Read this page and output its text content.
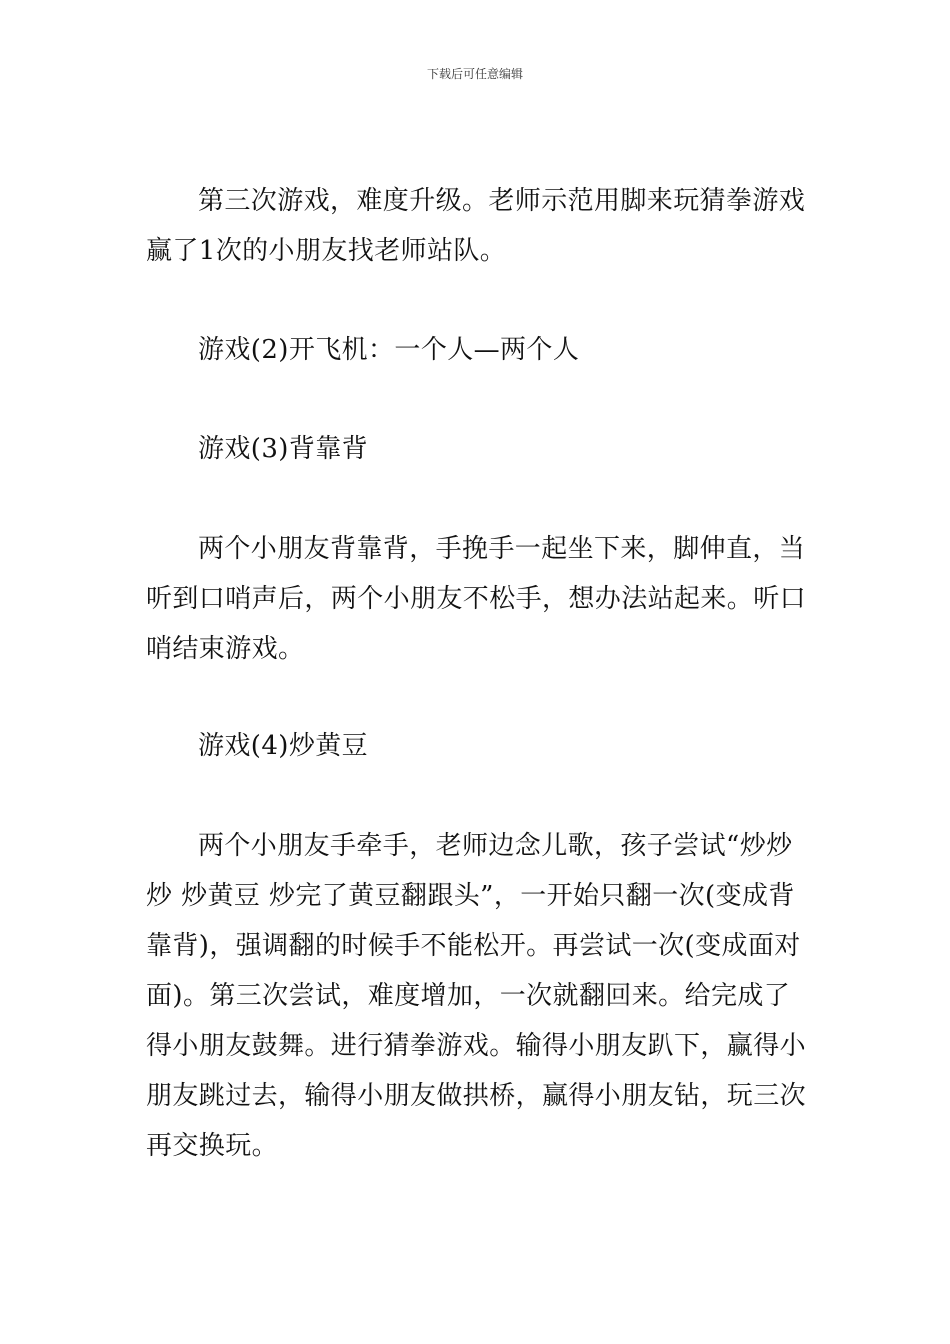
下载后可任意编辑

第三次游戏，难度升级。老师示范用脚来玩猜拳游戏赢了1次的小朋友找老师站队。

游戏(2)开飞机：一个人—两个人

游戏(3)背靠背

两个小朋友背靠背，手挽手一起坐下来，脚伸直，当听到口哨声后，两个小朋友不松手，想办法站起来。听口哨结束游戏。

游戏(4)炒黄豆

两个小朋友手牵手，老师边念儿歌，孩子尝试“炒炒炒 炒黄豆 炒完了黄豆翻跟头”，一开始只翻一次(变成背靠背)，强调翻的时候手不能松开。再尝试一次(变成面对面)。第三次尝试，难度增加，一次就翻回来。给完成了得小朋友鼓舞。进行猜拳游戏。输得小朋友趴下，赢得小朋友跳过去，输得小朋友做拱桥，赢得小朋友钻，玩三次再交换玩。
